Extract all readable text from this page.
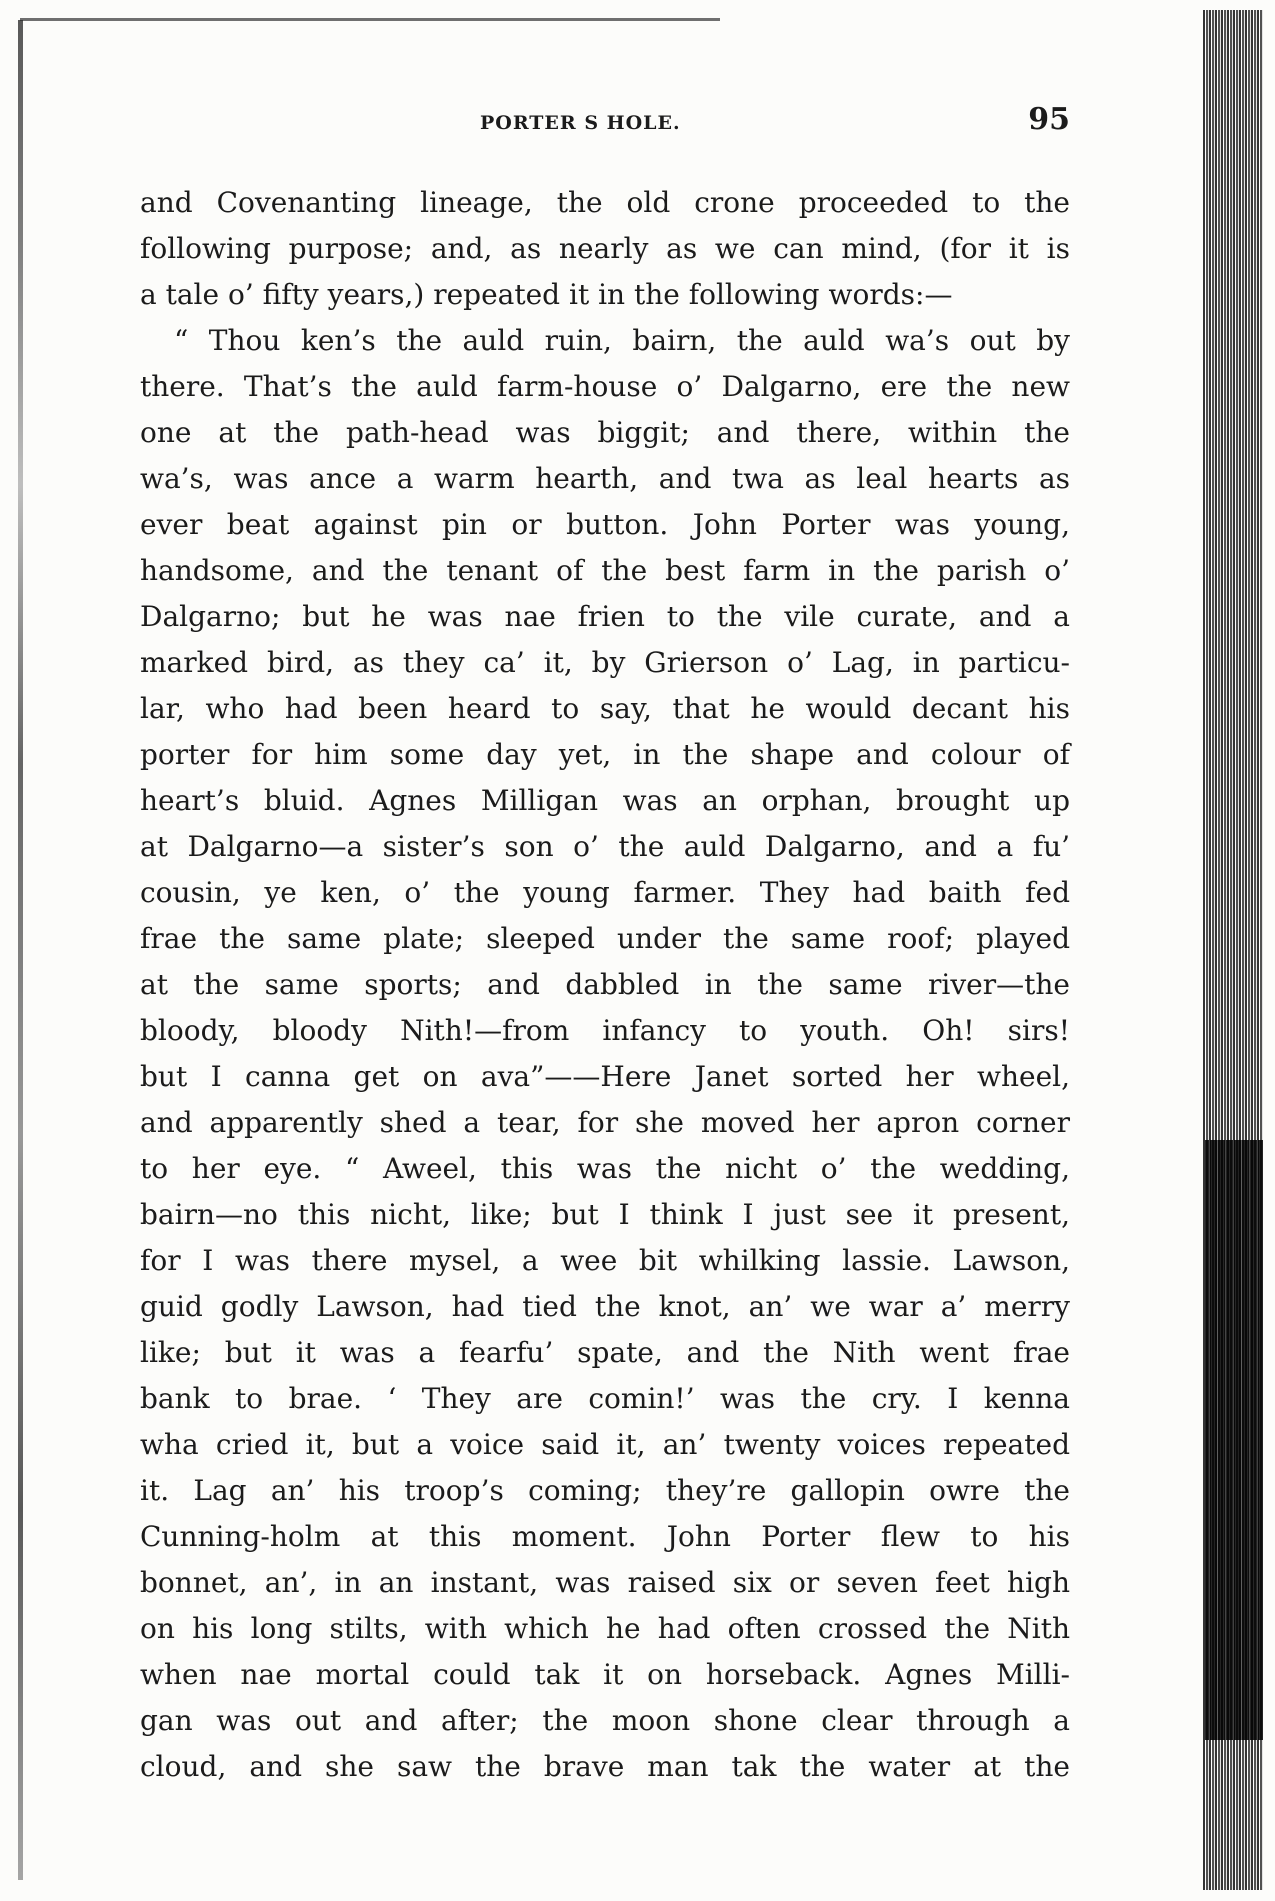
PORTER S HOLE.	95
and Covenanting lineage, the old crone proceeded to the
following purpose; and, as nearly as we can mind, (for it is
a tale o’ fifty years,) repeated it in the following words:—
“ Thou ken’s the auld ruin, bairn, the auld wa’s out by
there. That’s the auld farm-house o’ Dalgarno, ere the new
one at the path-head was biggit; and there, within the
wa’s, was ance a warm hearth, and twa as leal hearts as
ever beat against pin or button. John Porter was young,
handsome, and the tenant of the best farm in the parish o’
Dalgarno; but he was nae frien to the vile curate, and a
marked bird, as they ca’ it, by Grierson o’ Lag, in particu-
lar, who had been heard to say, that he would decant his
porter for him some day yet, in the shape and colour of
heart’s bluid. Agnes Milligan was an orphan, brought up
at Dalgarno—a sister’s son o’ the auld Dalgarno, and a fu’
cousin, ye ken, o’ the young farmer. They had baith fed
frae the same plate; sleeped under the same roof; played
at the same sports; and dabbled in the same river—the
bloody, bloody Nith!—from infancy to youth. Oh! sirs!
but I canna get on ava”——Here Janet sorted her wheel,
and apparently shed a tear, for she moved her apron corner
to her eye. “ Aweel, this was the nicht o’ the wedding,
bairn—no this nicht, like; but I think I just see it present,
for I was there mysel, a wee bit whilking lassie. Lawson,
guid godly Lawson, had tied the knot, an’ we war a’ merry
like; but it was a fearfu’ spate, and the Nith went frae
bank to brae. ‘ They are comin!’ was the cry. I kenna
wha cried it, but a voice said it, an’ twenty voices repeated
it. Lag an’ his troop’s coming; they’re gallopin owre the
Cunning-holm at this moment. John Porter flew to his
bonnet, an’, in an instant, was raised six or seven feet high
on his long stilts, with which he had often crossed the Nith
when nae mortal could tak it on horseback. Agnes Milli-
gan was out and after; the moon shone clear through a
cloud, and she saw the brave man tak the water at the
